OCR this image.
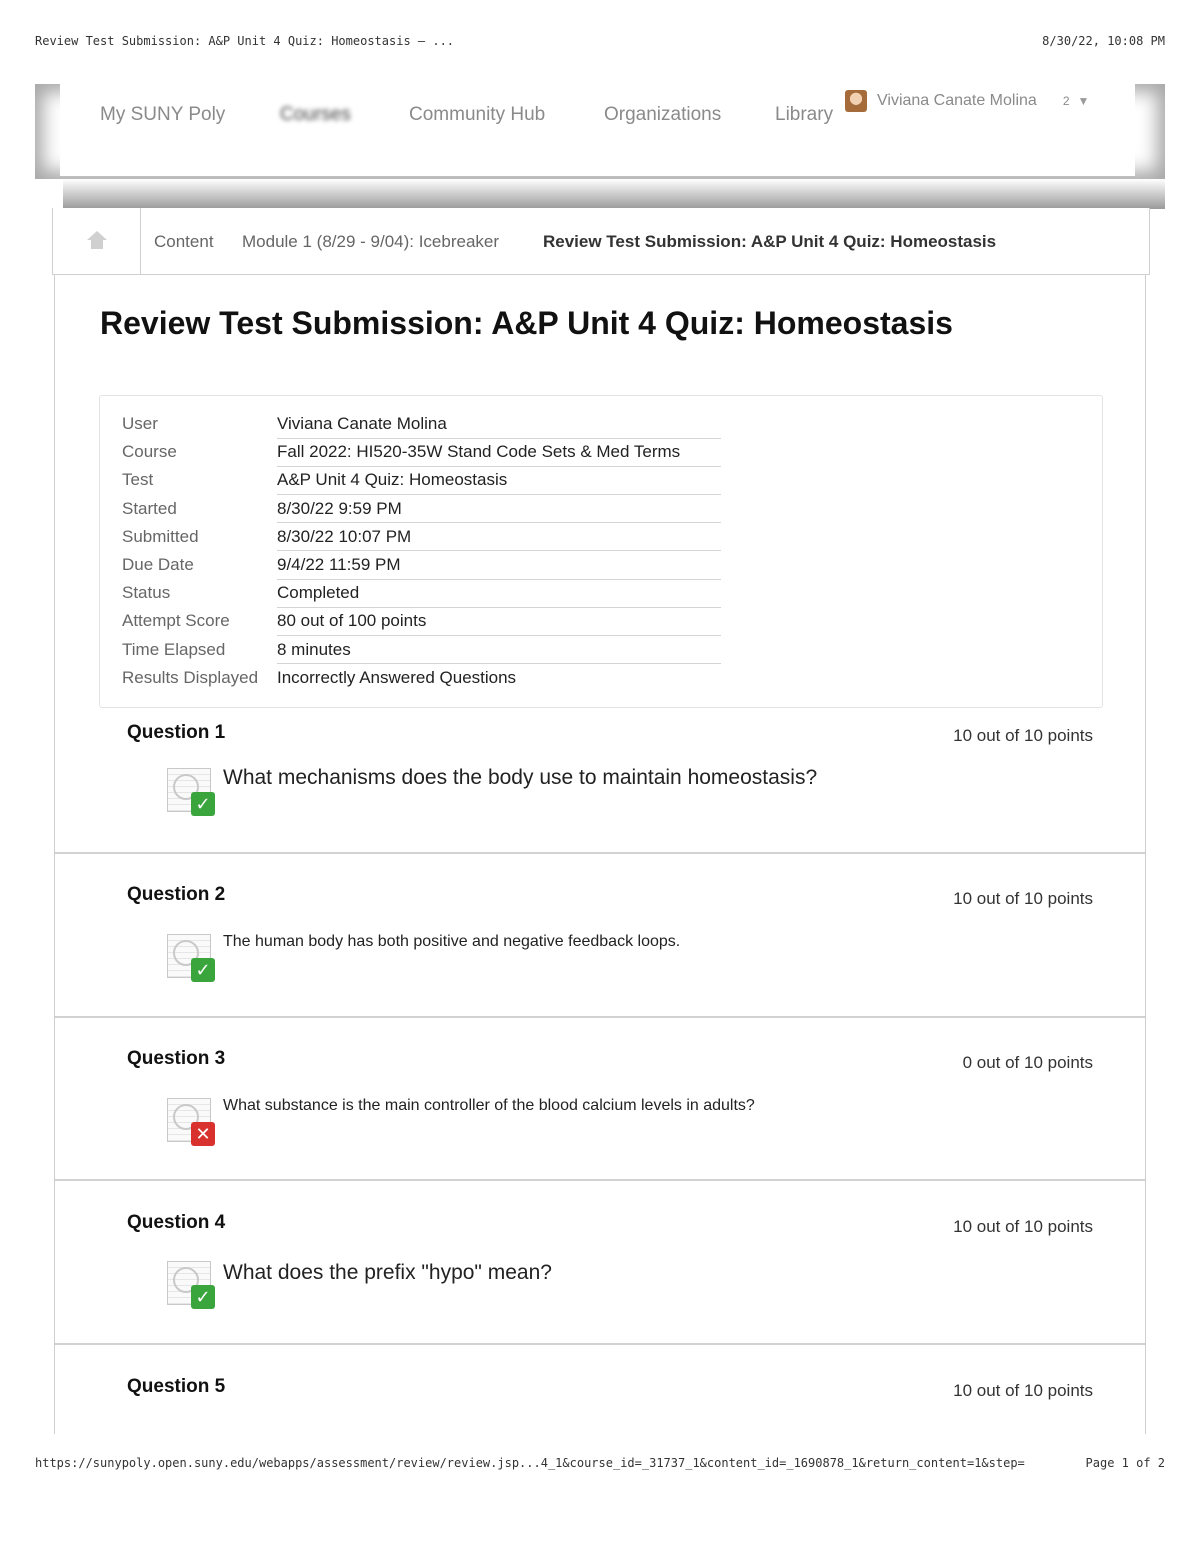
Review Test Submission: A&P Unit 4 Quiz: Homeostasis – ...	8/30/22, 10:08 PM
My SUNY Poly	Courses	Community Hub	Organizations	Library
Viviana Canate Molina 2 ▼
Content Module 1 (8/29 - 9/04): Icebreaker	Review Test Submission: A&P Unit 4 Quiz: Homeostasis
Review Test Submission: A&P Unit 4 Quiz: Homeostasis
User	Viviana Canate Molina
Course	Fall 2022: HI520-35W Stand Code Sets & Med Terms
Test	A&P Unit 4 Quiz: Homeostasis
Started	8/30/22 9:59 PM
Submitted	8/30/22 10:07 PM
Due Date	9/4/22 11:59 PM
Status	Completed
Attempt Score	80 out of 100 points
Time Elapsed	8 minutes
Results Displayed	Incorrectly Answered Questions
Question 1	10 out of 10 points
✓
What mechanisms does the body use to maintain homeostasis?
Question 2	10 out of 10 points
✓
The human body has both positive and negative feedback loops.
Question 3	0 out of 10 points
✕
What substance is the main controller of the blood calcium levels in adults?
Question 4	10 out of 10 points
✓
What does the prefix "hypo" mean?
Question 5	10 out of 10 points
https://sunypoly.open.suny.edu/webapps/assessment/review/review.jsp...4_1&course_id=_31737_1&content_id=_1690878_1&return_content=1&step=	Page 1 of 2
